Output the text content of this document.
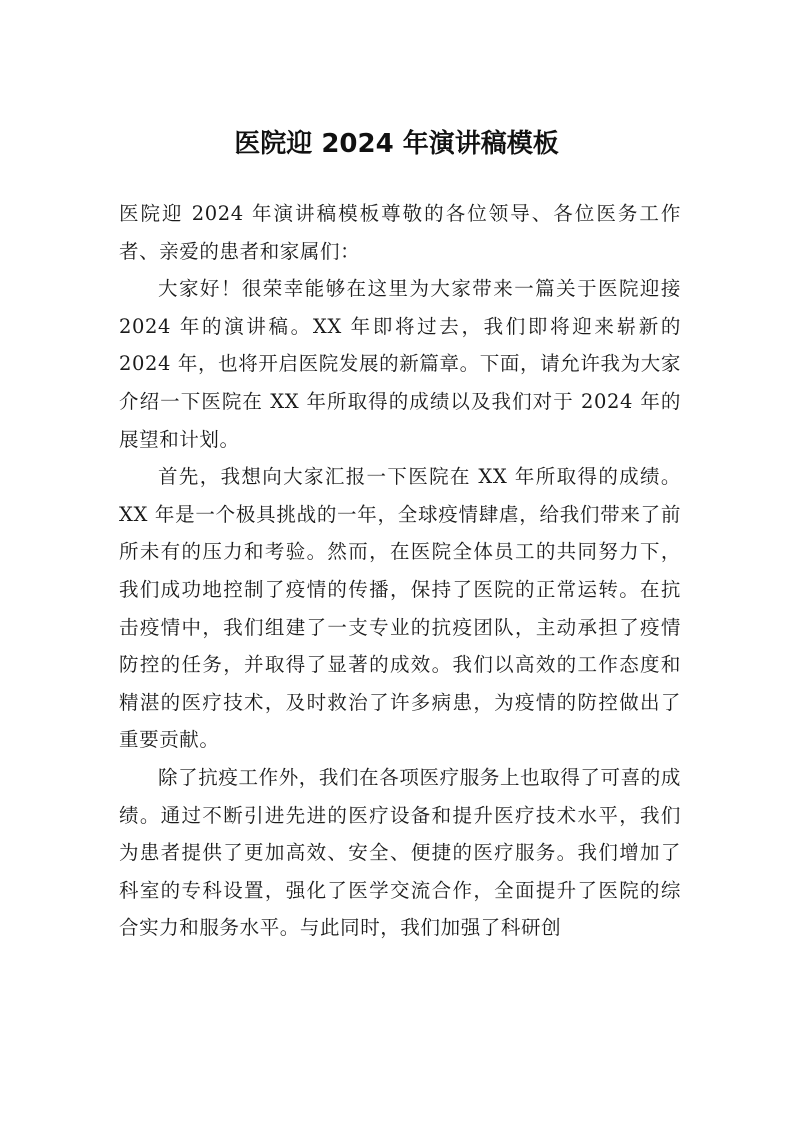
医院迎 2024 年演讲稿模板

医院迎 2024 年演讲稿模板尊敬的各位领导、各位医务工作者、亲爱的患者和家属们：

大家好！很荣幸能够在这里为大家带来一篇关于医院迎接 2024 年的演讲稿。XX 年即将过去，我们即将迎来崭新的 2024 年，也将开启医院发展的新篇章。下面，请允许我为大家介绍一下医院在 XX 年所取得的成绩以及我们对于 2024 年的展望和计划。

首先，我想向大家汇报一下医院在 XX 年所取得的成绩。XX 年是一个极具挑战的一年，全球疫情肆虐，给我们带来了前所未有的压力和考验。然而，在医院全体员工的共同努力下，我们成功地控制了疫情的传播，保持了医院的正常运转。在抗击疫情中，我们组建了一支专业的抗疫团队，主动承担了疫情防控的任务，并取得了显著的成效。我们以高效的工作态度和精湛的医疗技术，及时救治了许多病患，为疫情的防控做出了重要贡献。

除了抗疫工作外，我们在各项医疗服务上也取得了可喜的成绩。通过不断引进先进的医疗设备和提升医疗技术水平，我们为患者提供了更加高效、安全、便捷的医疗服务。我们增加了科室的专科设置，强化了医学交流合作，全面提升了医院的综合实力和服务水平。与此同时，我们加强了科研创
